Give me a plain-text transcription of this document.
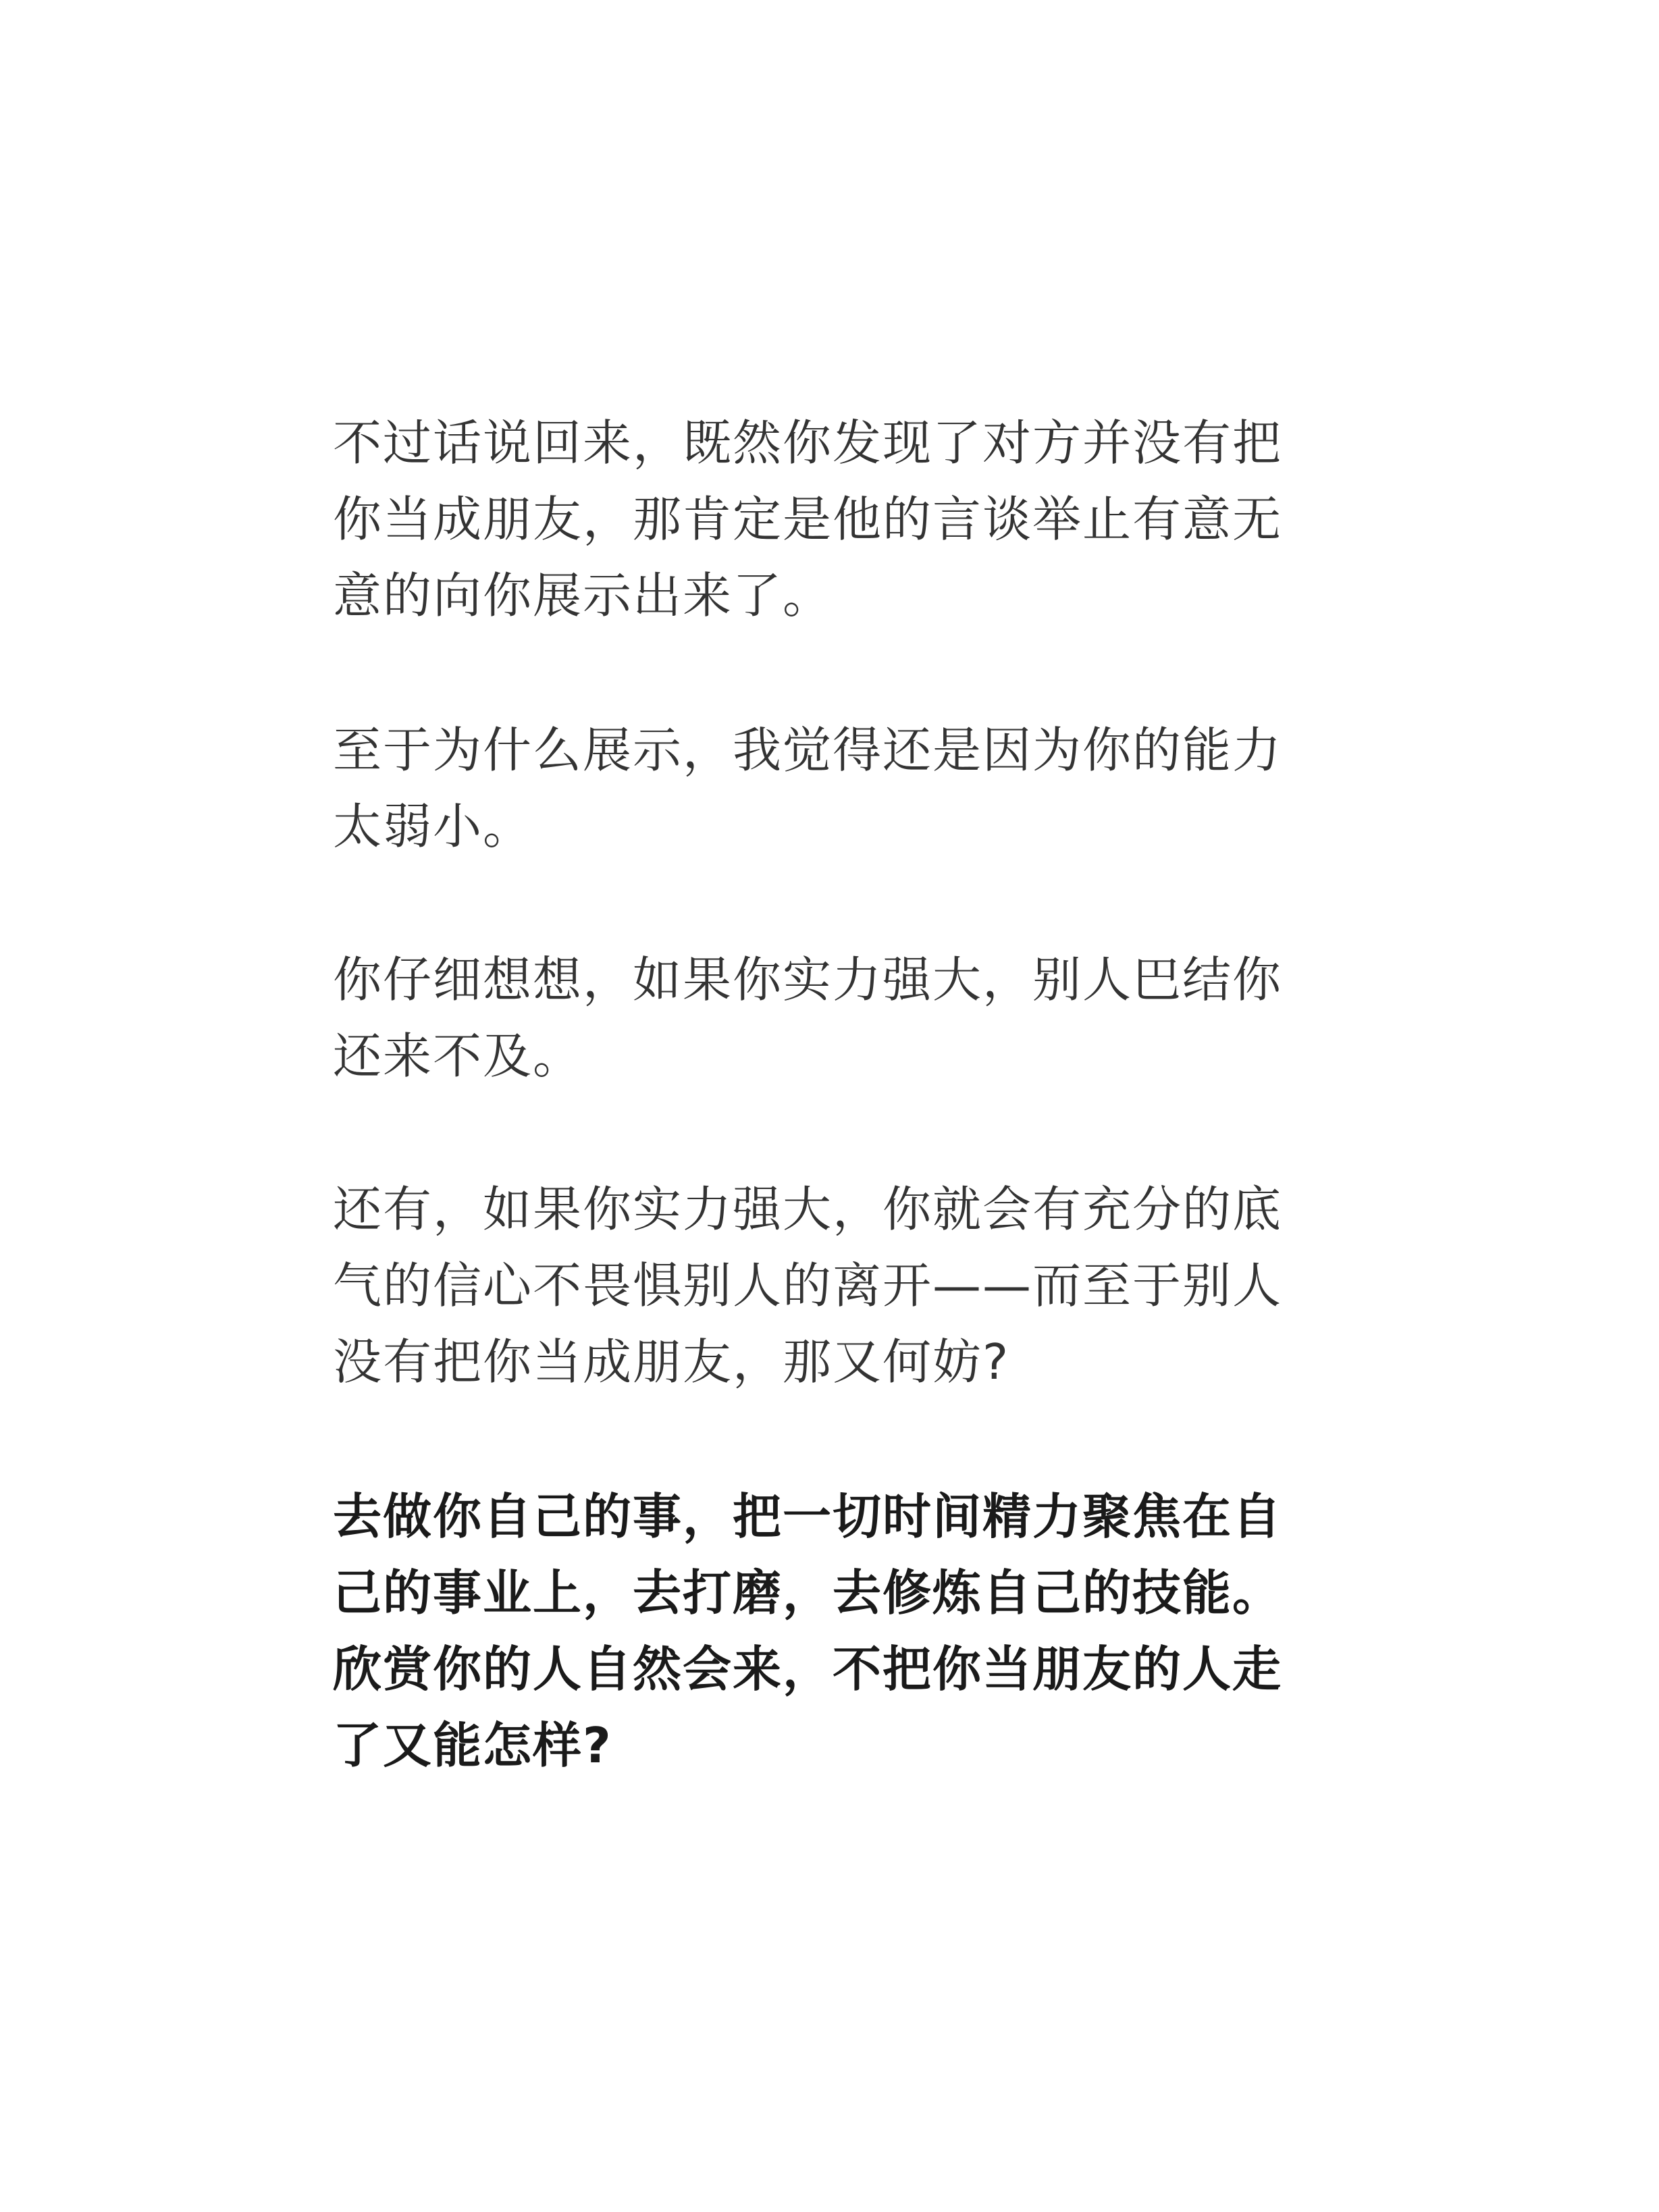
不过话说回来，既然你发现了对方并没有把
你当成朋友，那肯定是他的言谈举止有意无
意的向你展示出来了。

至于为什么展示，我觉得还是因为你的能力
太弱小。

你仔细想想，如果你实力强大，别人巴结你
还来不及。

还有，如果你实力强大，你就会有充分的底
气的信心不畏惧别人的离开——而至于别人
没有把你当成朋友，那又何妨?

去做你自己的事，把一切时间精力聚焦在自
己的事业上，去打磨，去修炼自己的技能。
欣赏你的人自然会来，不把你当朋友的人走
了又能怎样?
